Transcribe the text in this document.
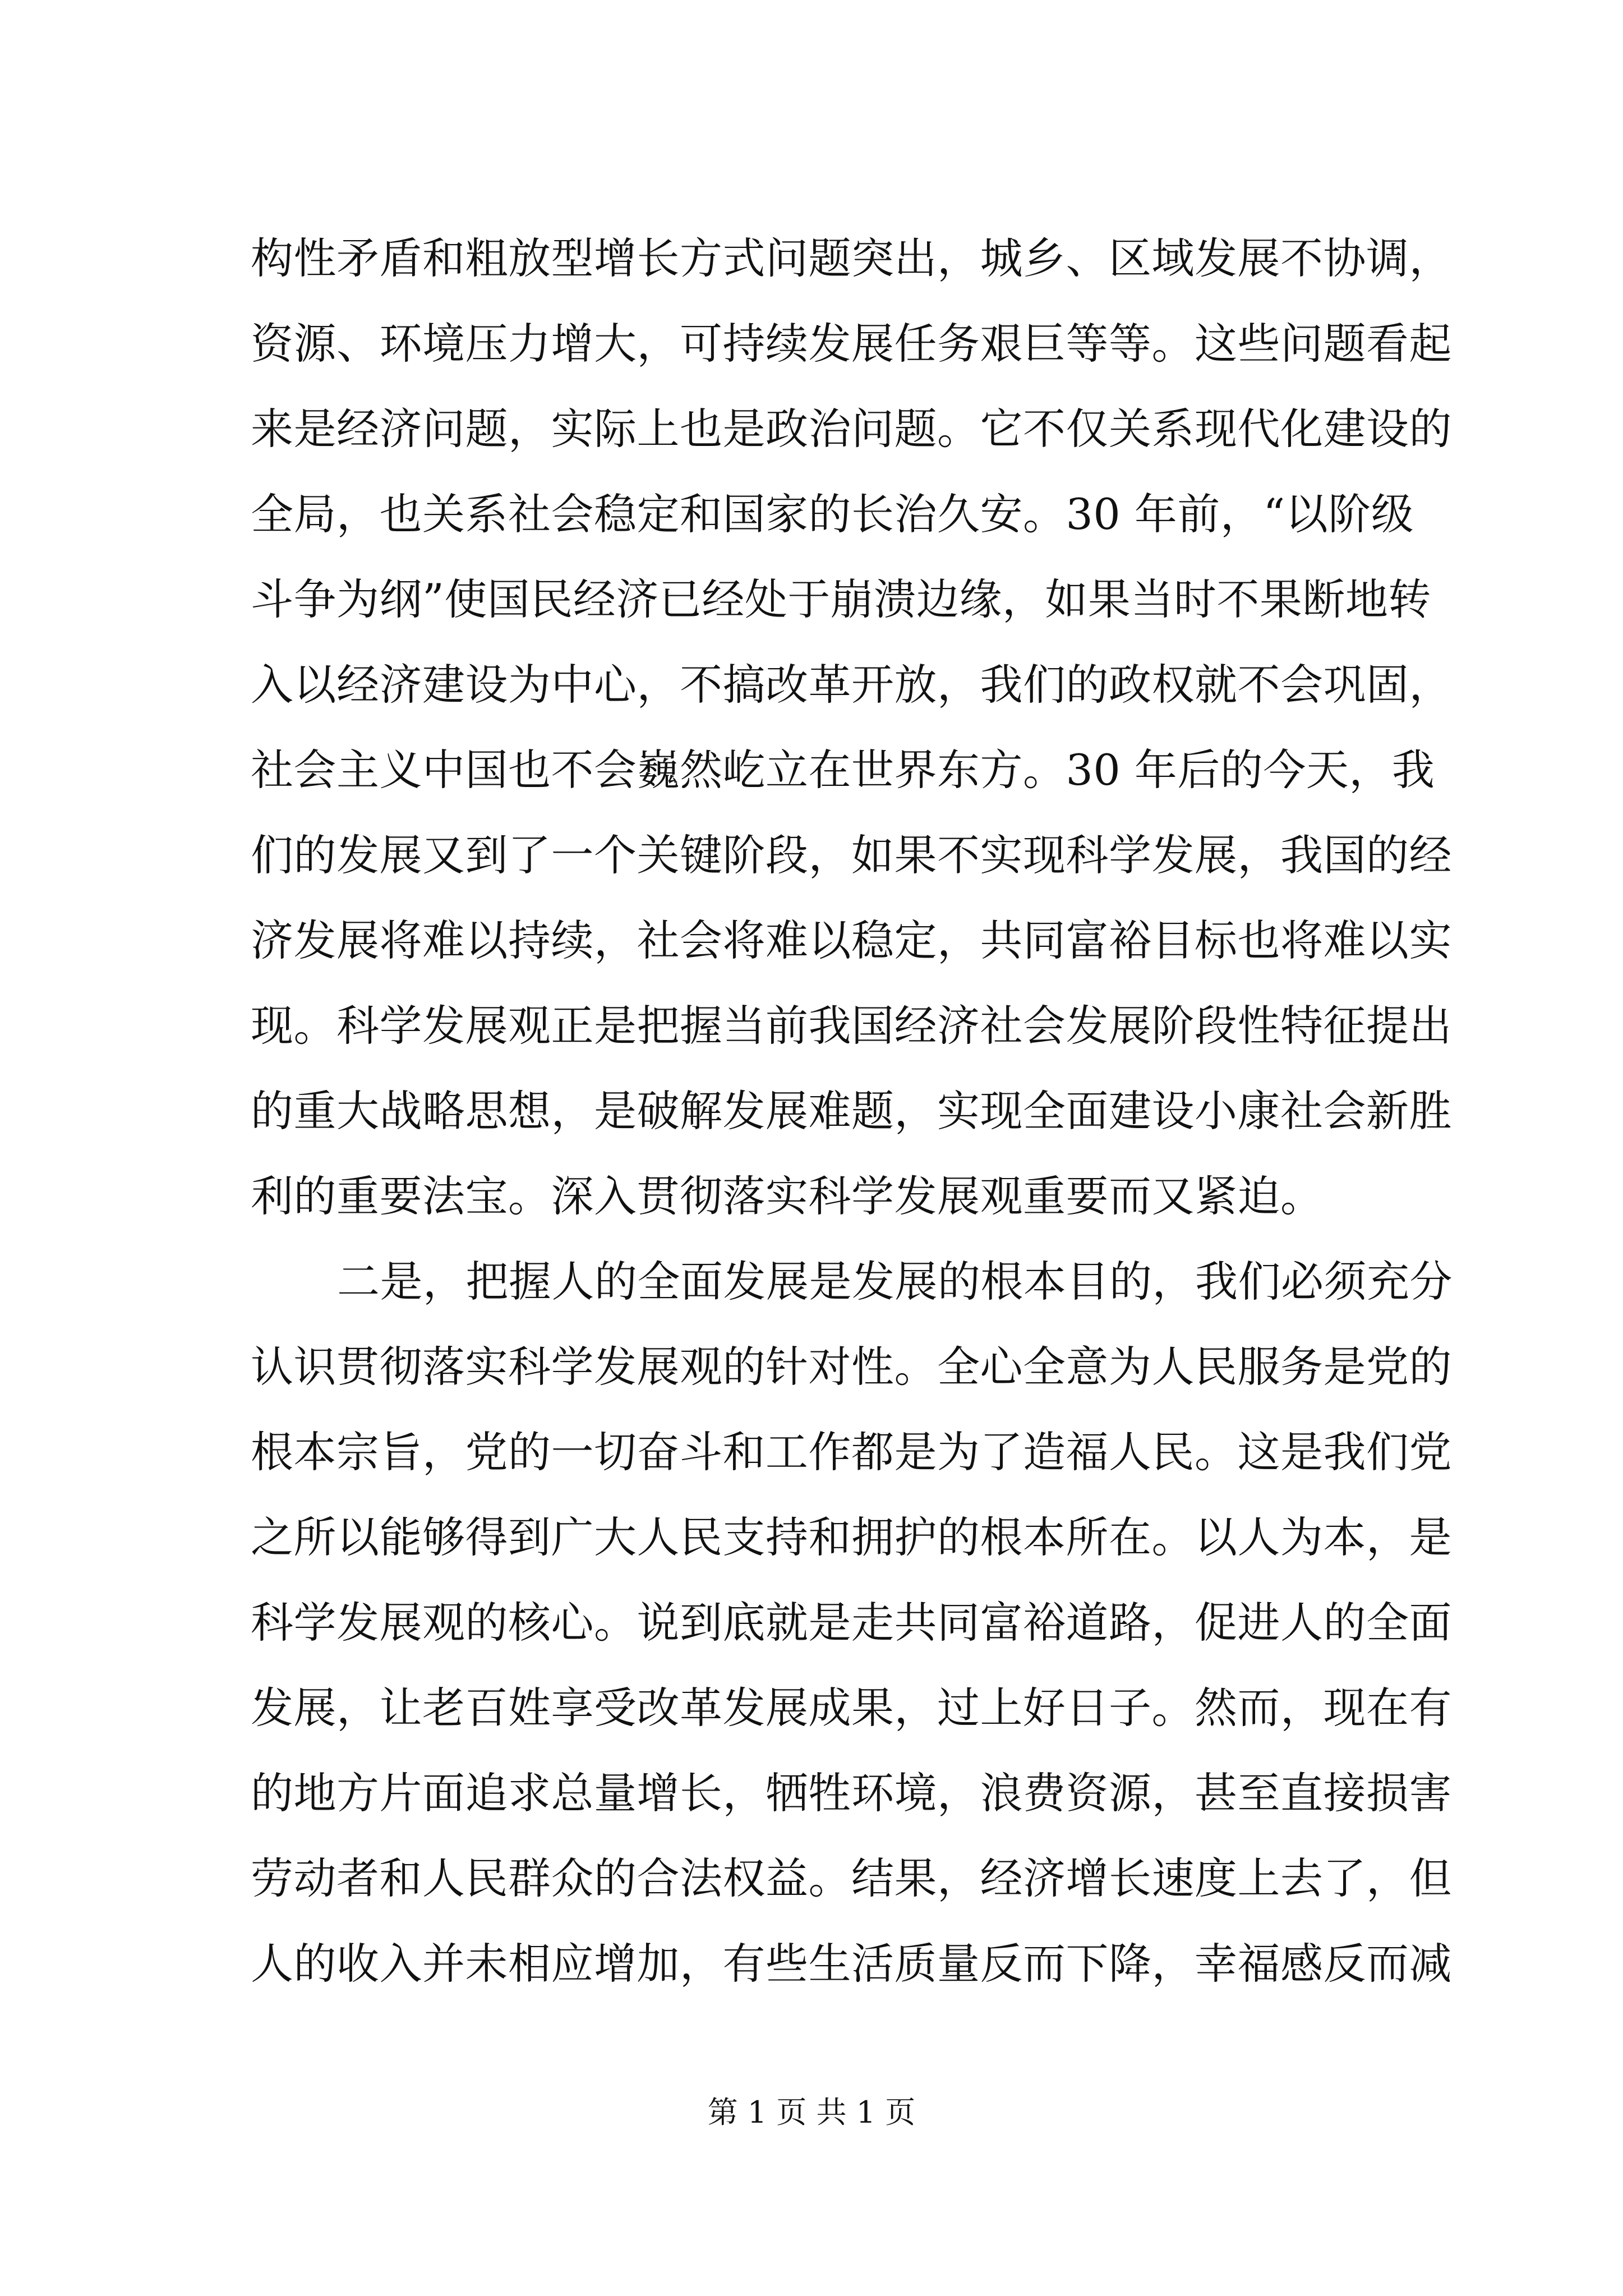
构性矛盾和粗放型增长方式问题突出，城乡、区域发展不协调，
资源、环境压力增大，可持续发展任务艰巨等等。这些问题看起
来是经济问题，实际上也是政治问题。它不仅关系现代化建设的
全局，也关系社会稳定和国家的长治久安。30 年前，“以阶级
斗争为纲”使国民经济已经处于崩溃边缘，如果当时不果断地转
入以经济建设为中心，不搞改革开放，我们的政权就不会巩固，
社会主义中国也不会巍然屹立在世界东方。30 年后的今天，我
们的发展又到了一个关键阶段，如果不实现科学发展，我国的经
济发展将难以持续，社会将难以稳定，共同富裕目标也将难以实
现。科学发展观正是把握当前我国经济社会发展阶段性特征提出
的重大战略思想，是破解发展难题，实现全面建设小康社会新胜
利的重要法宝。深入贯彻落实科学发展观重要而又紧迫。
二是，把握人的全面发展是发展的根本目的，我们必须充分
认识贯彻落实科学发展观的针对性。全心全意为人民服务是党的
根本宗旨，党的一切奋斗和工作都是为了造福人民。这是我们党
之所以能够得到广大人民支持和拥护的根本所在。以人为本，是
科学发展观的核心。说到底就是走共同富裕道路，促进人的全面
发展，让老百姓享受改革发展成果，过上好日子。然而，现在有
的地方片面追求总量增长，牺牲环境，浪费资源，甚至直接损害
劳动者和人民群众的合法权益。结果，经济增长速度上去了，但
人的收入并未相应增加，有些生活质量反而下降，幸福感反而减
第 1 页 共 1 页
